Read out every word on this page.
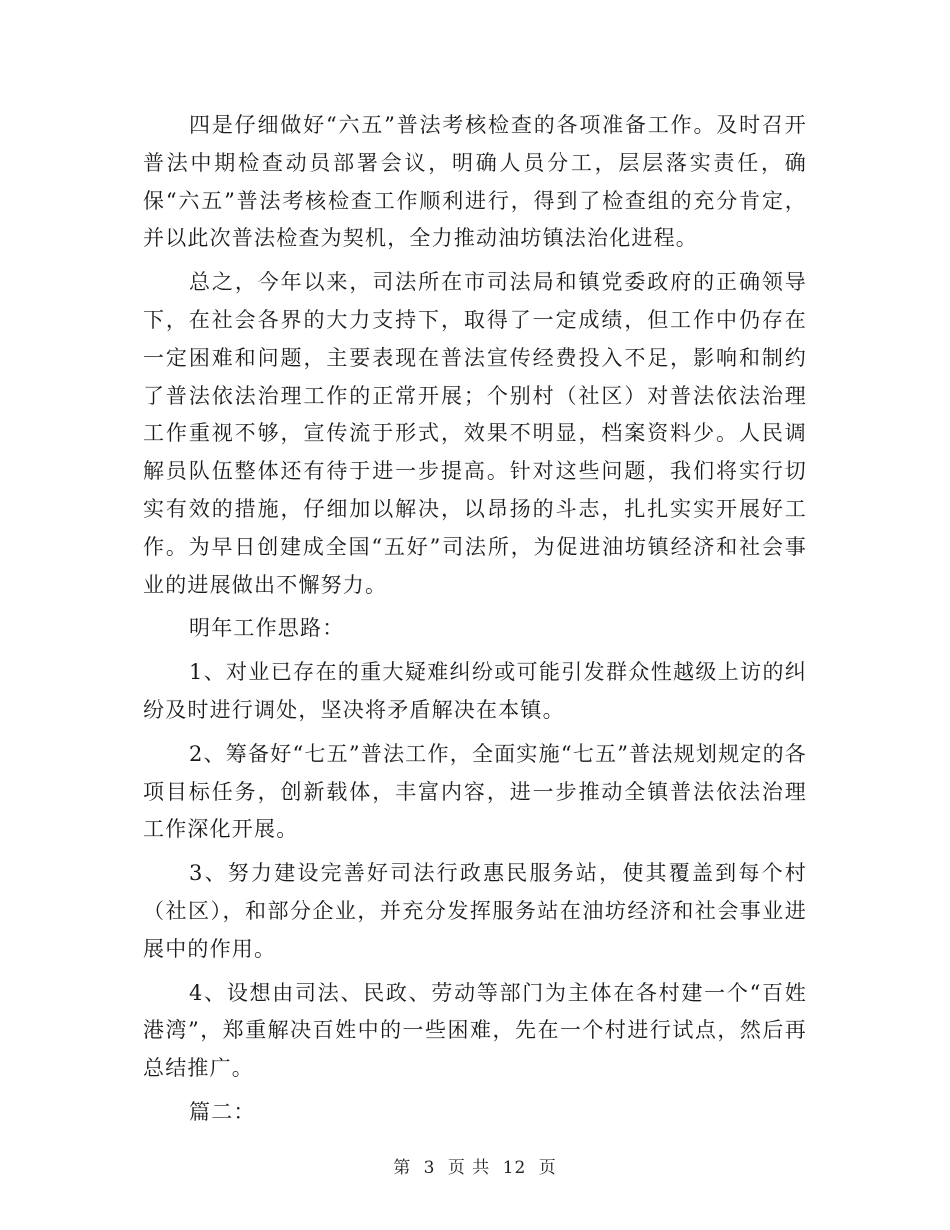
四是仔细做好“六五”普法考核检查的各项准备工作。及时召开普法中期检查动员部署会议，明确人员分工，层层落实责任，确保“六五”普法考核检查工作顺利进行，得到了检查组的充分肯定，并以此次普法检查为契机，全力推动油坊镇法治化进程。

总之，今年以来，司法所在市司法局和镇党委政府的正确领导下，在社会各界的大力支持下，取得了一定成绩，但工作中仍存在一定困难和问题，主要表现在普法宣传经费投入不足，影响和制约了普法依法治理工作的正常开展；个别村（社区）对普法依法治理工作重视不够，宣传流于形式，效果不明显，档案资料少。人民调解员队伍整体还有待于进一步提高。针对这些问题，我们将实行切实有效的措施，仔细加以解决，以昂扬的斗志，扎扎实实开展好工作。为早日创建成全国“五好”司法所，为促进油坊镇经济和社会事业的进展做出不懈努力。

明年工作思路：

1、对业已存在的重大疑难纠纷或可能引发群众性越级上访的纠纷及时进行调处，坚决将矛盾解决在本镇。

2、筹备好“七五”普法工作，全面实施“七五”普法规划规定的各项目标任务，创新载体，丰富内容，进一步推动全镇普法依法治理工作深化开展。

3、努力建设完善好司法行政惠民服务站，使其覆盖到每个村（社区），和部分企业，并充分发挥服务站在油坊经济和社会事业进展中的作用。

4、设想由司法、民政、劳动等部门为主体在各村建一个“百姓港湾”，郑重解决百姓中的一些困难，先在一个村进行试点，然后再总结推广。

篇二：

第 3 页 共 12 页
